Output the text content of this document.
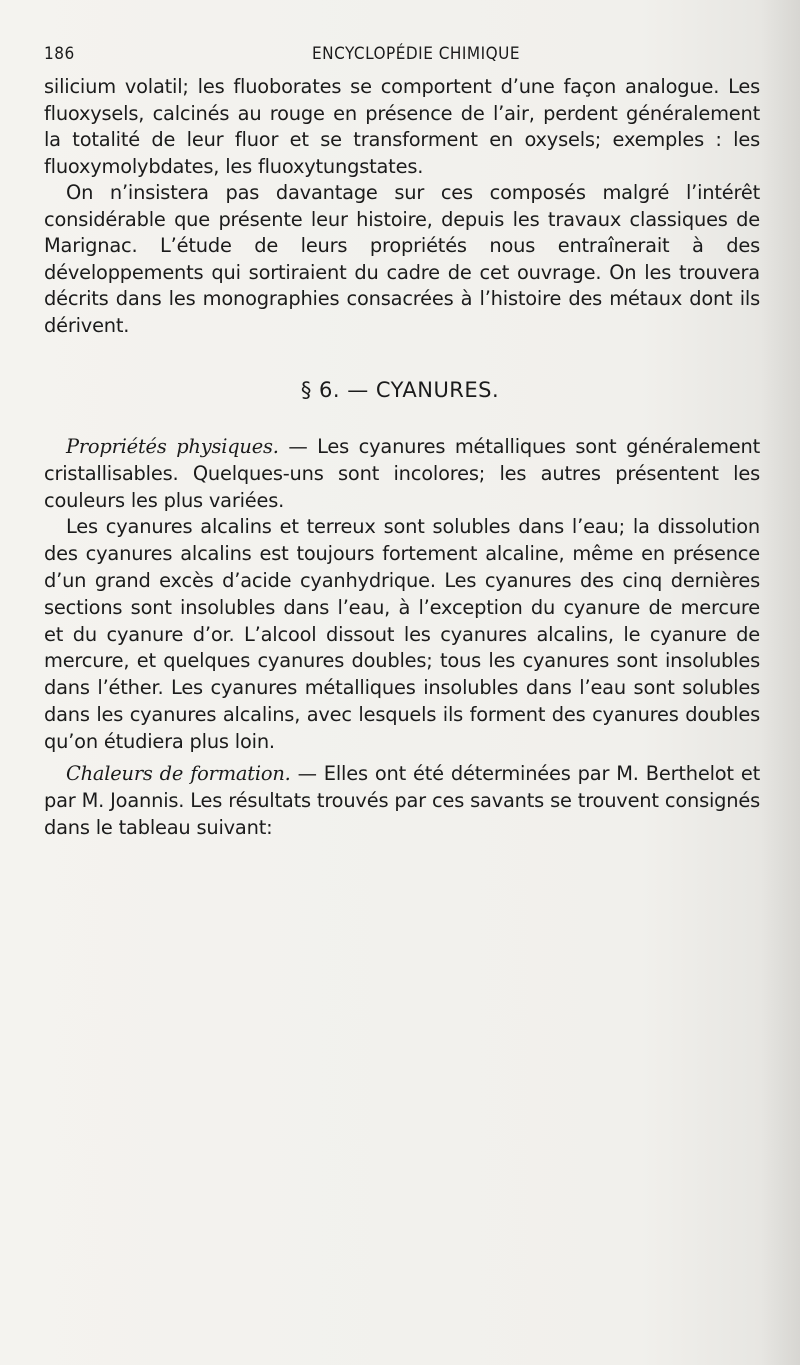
186	ENCYCLOPÉDIE CHIMIQUE

silicium volatil; les fluoborates se comportent d’une façon analogue. Les fluoxysels, calcinés au rouge en présence de l’air, perdent généralement la totalité de leur fluor et se transforment en oxysels; exemples : les fluoxymolybdates, les fluoxytungstates.

On n’insistera pas davantage sur ces composés malgré l’intérêt considérable que présente leur histoire, depuis les travaux classiques de Marignac. L’étude de leurs propriétés nous entraînerait à des développements qui sortiraient du cadre de cet ouvrage. On les trouvera décrits dans les monographies consacrées à l’histoire des métaux dont ils dérivent.

§ 6. — CYANURES.

Propriétés physiques. — Les cyanures métalliques sont généralement cristallisables. Quelques-uns sont incolores; les autres présentent les couleurs les plus variées.

Les cyanures alcalins et terreux sont solubles dans l’eau; la dissolution des cyanures alcalins est toujours fortement alcaline, même en présence d’un grand excès d’acide cyanhydrique. Les cyanures des cinq dernières sections sont insolubles dans l’eau, à l’exception du cyanure de mercure et du cyanure d’or. L’alcool dissout les cyanures alcalins, le cyanure de mercure, et quelques cyanures doubles; tous les cyanures sont insolubles dans l’éther. Les cyanures métalliques insolubles dans l’eau sont solubles dans les cyanures alcalins, avec lesquels ils forment des cyanures doubles qu’on étudiera plus loin.

Chaleurs de formation. — Elles ont été déterminées par M. Berthelot et par M. Joannis. Les résultats trouvés par ces savants se trouvent consignés dans le tableau suivant:
